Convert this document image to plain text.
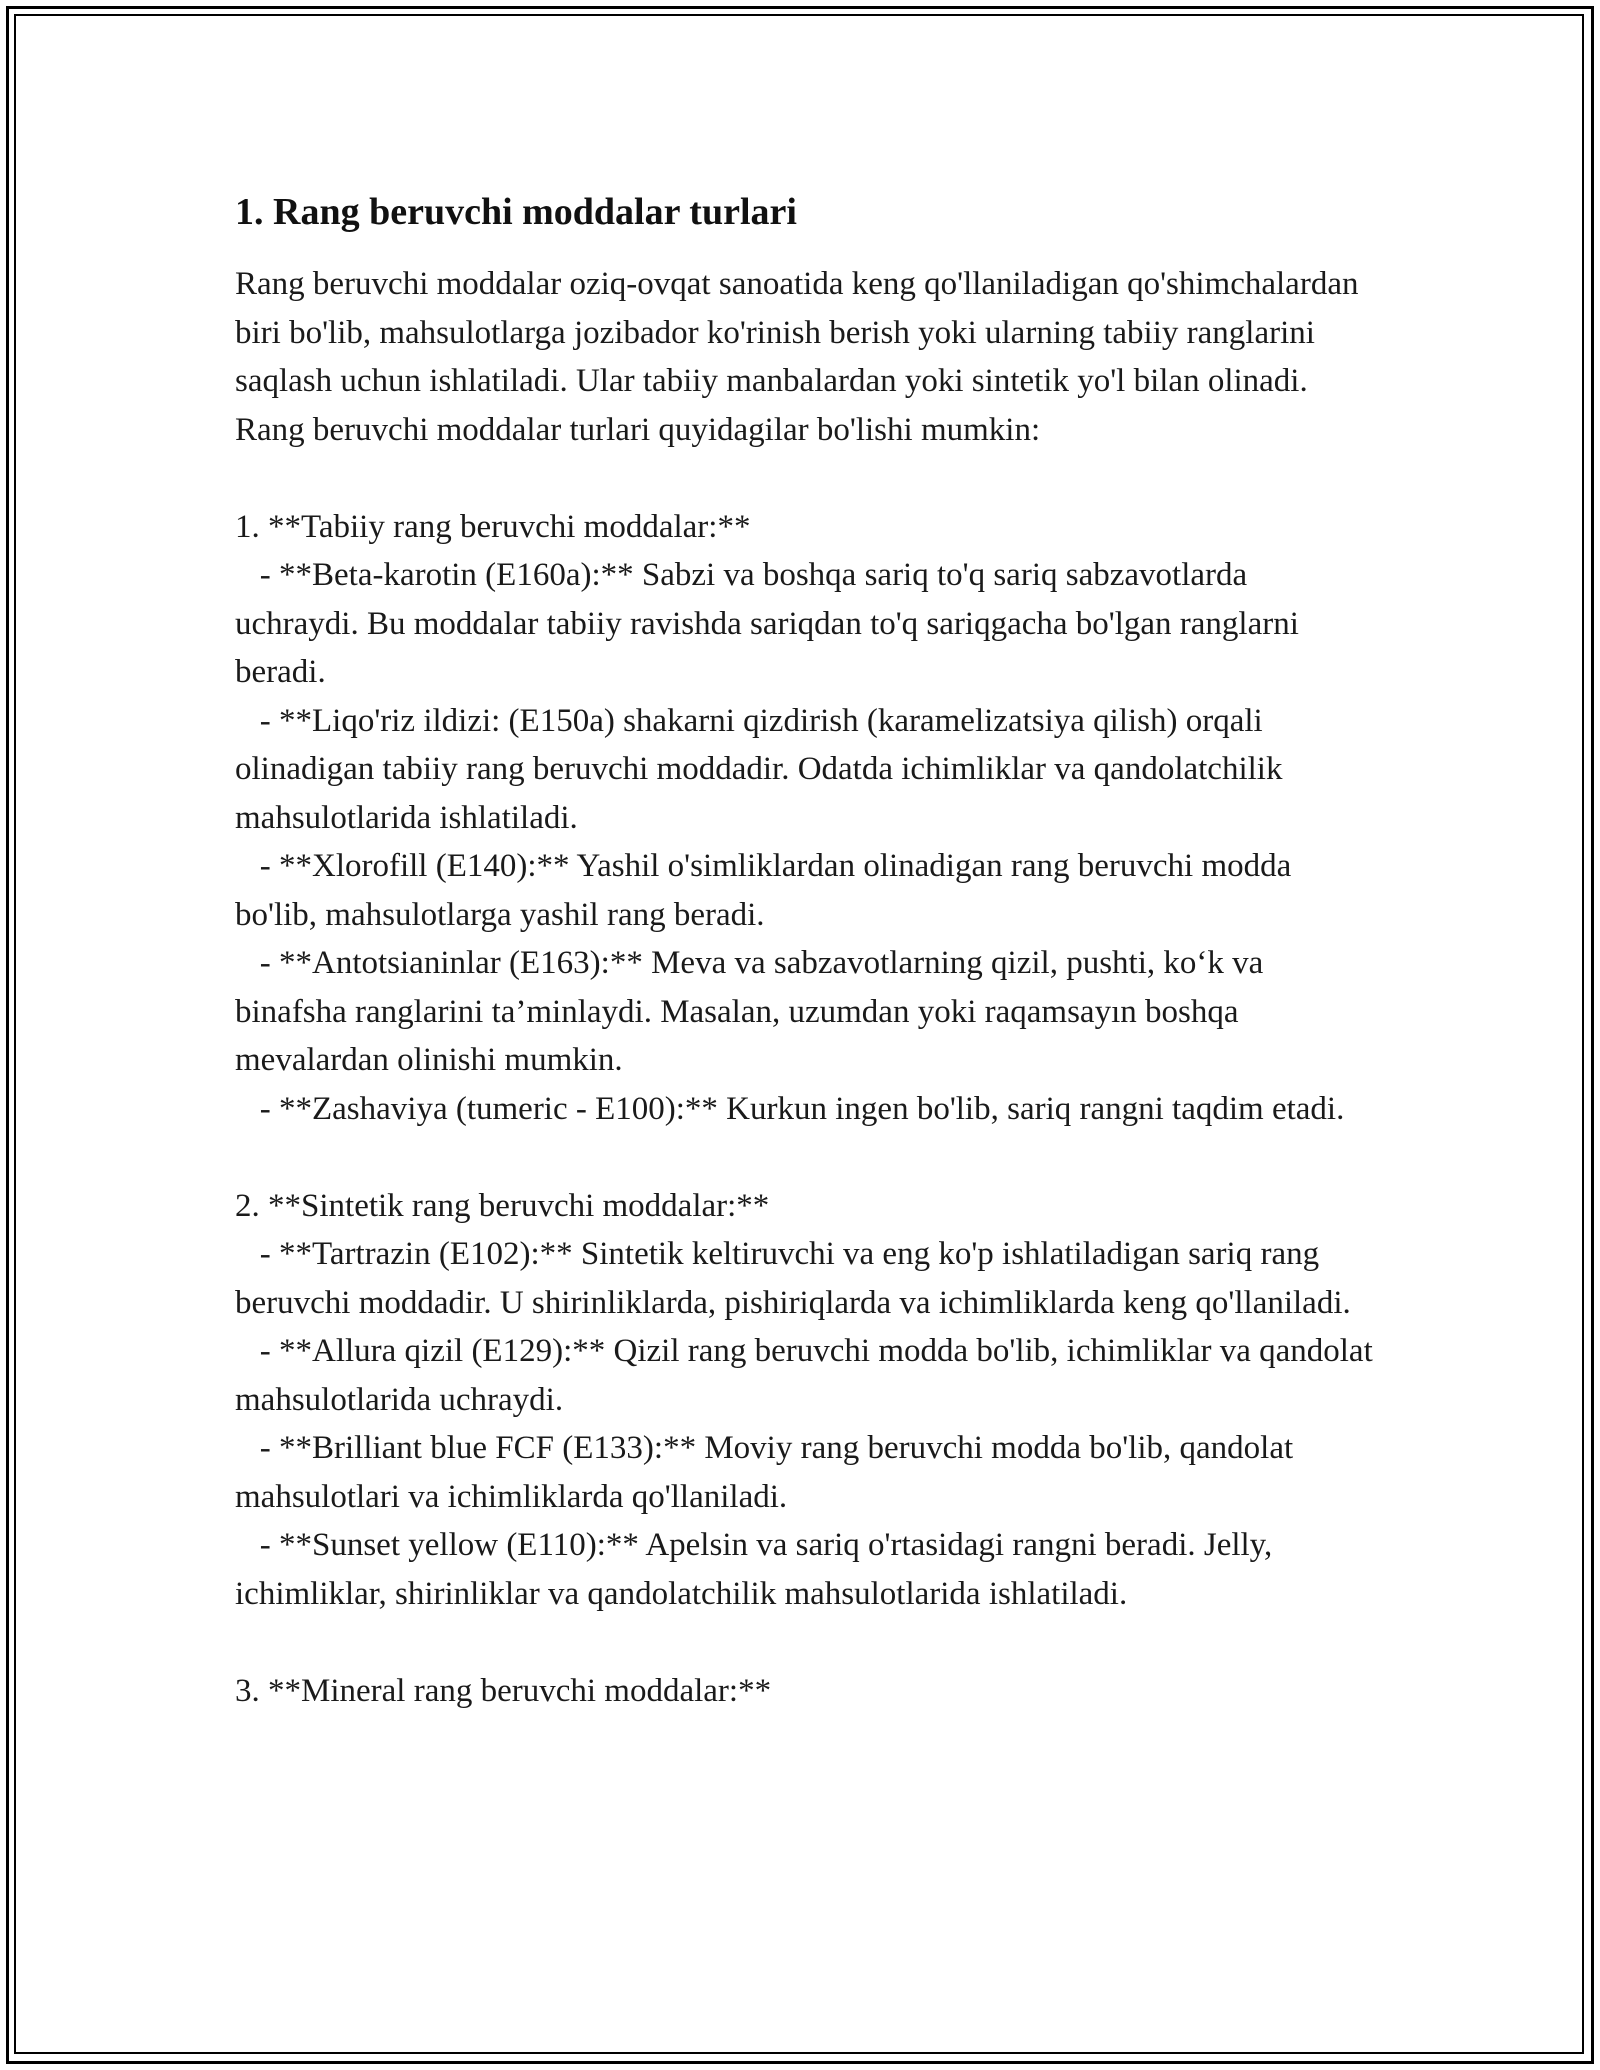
1. Rang beruvchi moddalar turlari

Rang beruvchi moddalar oziq-ovqat sanoatida keng qo'llaniladigan qo'shimchalardan biri bo'lib, mahsulotlarga jozibador ko'rinish berish yoki ularning tabiiy ranglarini saqlash uchun ishlatiladi. Ular tabiiy manbalardan yoki sintetik yo'l bilan olinadi. Rang beruvchi moddalar turlari quyidagilar bo'lishi mumkin:

1. **Tabiiy rang beruvchi moddalar:**

- **Beta-karotin (E160a):** Sabzi va boshqa sariq to'q sariq sabzavotlarda uchraydi. Bu moddalar tabiiy ravishda sariqdan to'q sariqgacha bo'lgan ranglarni beradi.

- **Liqo'riz ildizi: (E150a) shakarni qizdirish (karamelizatsiya qilish) orqali olinadigan tabiiy rang beruvchi moddadir. Odatda ichimliklar va qandolatchilik mahsulotlarida ishlatiladi.

- **Xlorofill (E140):** Yashil o'simliklardan olinadigan rang beruvchi modda bo'lib, mahsulotlarga yashil rang beradi.

- **Antotsianinlar (E163):** Meva va sabzavotlarning qizil, pushti, ko‘k va binafsha ranglarini ta’minlaydi. Masalan, uzumdan yoki raqamsayın boshqa mevalardan olinishi mumkin.

- **Zashaviya (tumeric - E100):** Kurkun ingen bo'lib, sariq rangni taqdim etadi.

2. **Sintetik rang beruvchi moddalar:**

- **Tartrazin (E102):** Sintetik keltiruvchi va eng ko'p ishlatiladigan sariq rang beruvchi moddadir. U shirinliklarda, pishiriqlarda va ichimliklarda keng qo'llaniladi.

- **Allura qizil (E129):** Qizil rang beruvchi modda bo'lib, ichimliklar va qandolat mahsulotlarida uchraydi.

- **Brilliant blue FCF (E133):** Moviy rang beruvchi modda bo'lib, qandolat mahsulotlari va ichimliklarda qo'llaniladi.

- **Sunset yellow (E110):** Apelsin va sariq o'rtasidagi rangni beradi. Jelly, ichimliklar, shirinliklar va qandolatchilik mahsulotlarida ishlatiladi.

3. **Mineral rang beruvchi moddalar:**
